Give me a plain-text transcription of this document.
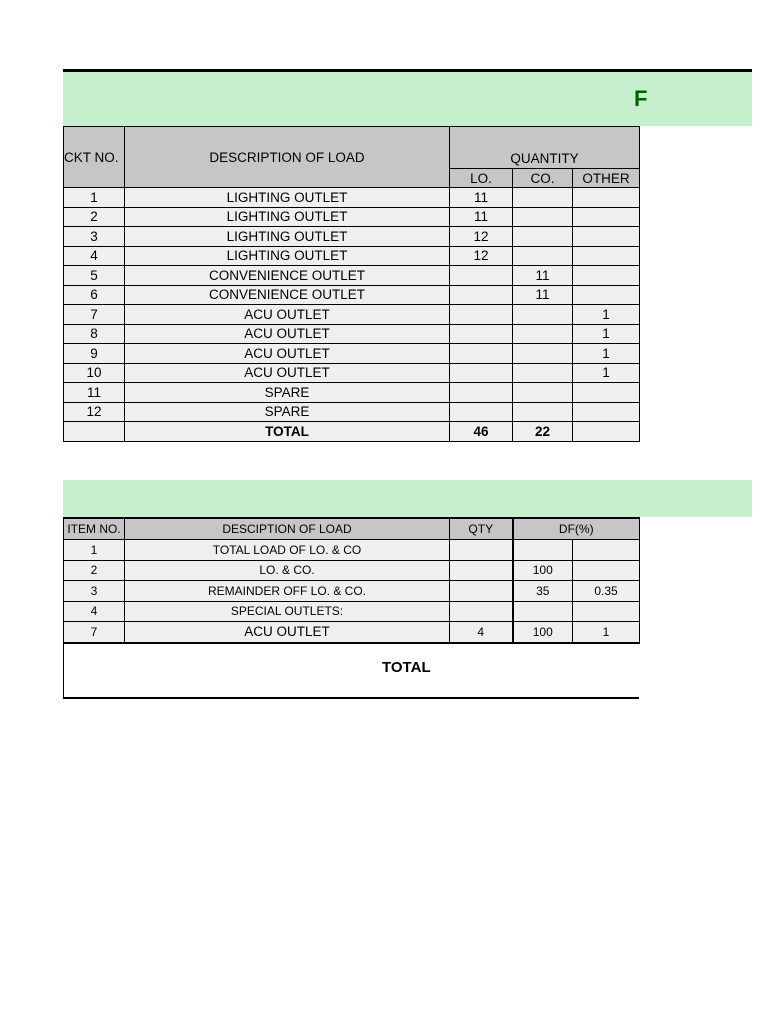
F
CKT NO.	DESCRIPTION OF LOAD	QUANTITY		
		LO.	CO.	OTHER
1	LIGHTING OUTLET	11		
2	LIGHTING OUTLET	11		
3	LIGHTING OUTLET	12		
4	LIGHTING OUTLET	12		
5	CONVENIENCE OUTLET		11	
6	CONVENIENCE OUTLET		11	
7	ACU OUTLET			1
8	ACU OUTLET			1
9	ACU OUTLET			1
10	ACU OUTLET			1
11	SPARE			
12	SPARE			
	TOTAL	46	22	
ITEM NO.	DESCIPTION OF LOAD	QTY	DF(%)	
1	TOTAL LOAD OF LO. & CO			
2	LO. & CO.		100	
3	REMAINDER OFF LO. & CO.		35	0.35
4	SPECIAL OUTLETS:			
7	ACU OUTLET	4	100	1
TOTAL
